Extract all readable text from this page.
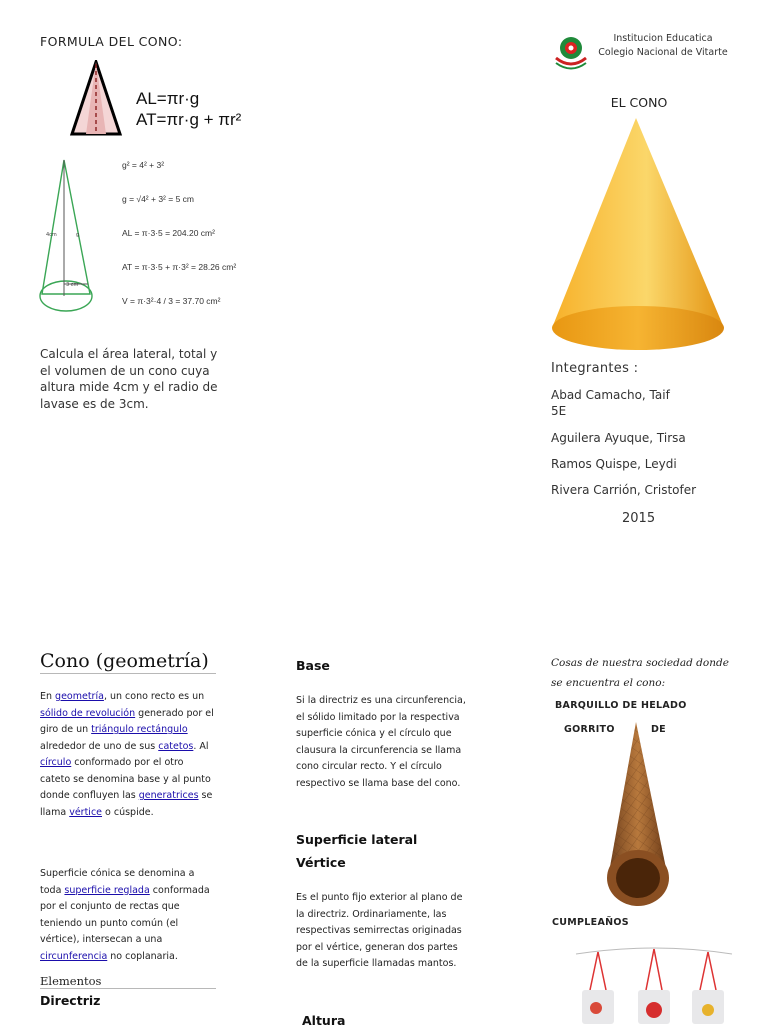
FORMULA DEL CONO:
AL=πr·g
AT=πr·g + πr²
4cm	g
3 cm
g² = 4² + 3²
g = √4² + 3² = 5 cm
AL = π·3·5 = 204.20 cm²
AT = π·3·5 + π·3² = 28.26 cm²
V = π·3²·4 / 3 = 37.70 cm²
Calcula el área lateral, total y el volumen de un cono cuya altura mide 4cm y el radio de lavase es de 3cm.
Institucion Educatica
Colegio Nacional de Vitarte
EL CONO
Integrantes :
Abad Camacho, Taif
5E
Aguilera Ayuque, Tirsa
Ramos Quispe, Leydi
Rivera Carrión, Cristofer
2015
Cono (geometría)
En geometría, un cono recto es un sólido de revolución generado por el giro de un triángulo rectángulo alrededor de uno de sus catetos. Al círculo conformado por el otro cateto se denomina base y al punto donde confluyen las generatrices se llama vértice o cúspide.
Superficie cónica se denomina a toda superficie reglada conformada por el conjunto de rectas que teniendo un punto común (el vértice), intersecan a una circunferencia no coplanaria.
Elementos
Directriz
Base
Si la directriz es una circunferencia, el sólido limitado por la respectiva superficie cónica y el círculo que clausura la circunferencia se llama cono circular recto. Y el círculo respectivo se llama base del cono.
Superficie lateral
Vértice
Es el punto fijo exterior al plano de la directriz. Ordinariamente, las respectivas semirrectas originadas por el vértice, generan dos partes de la superficie llamadas mantos.
Altura
Cosas de nuestra sociedad donde se encuentra el cono:
BARQUILLO DE HELADO
GORRITO	DE
CUMPLEAÑOS
